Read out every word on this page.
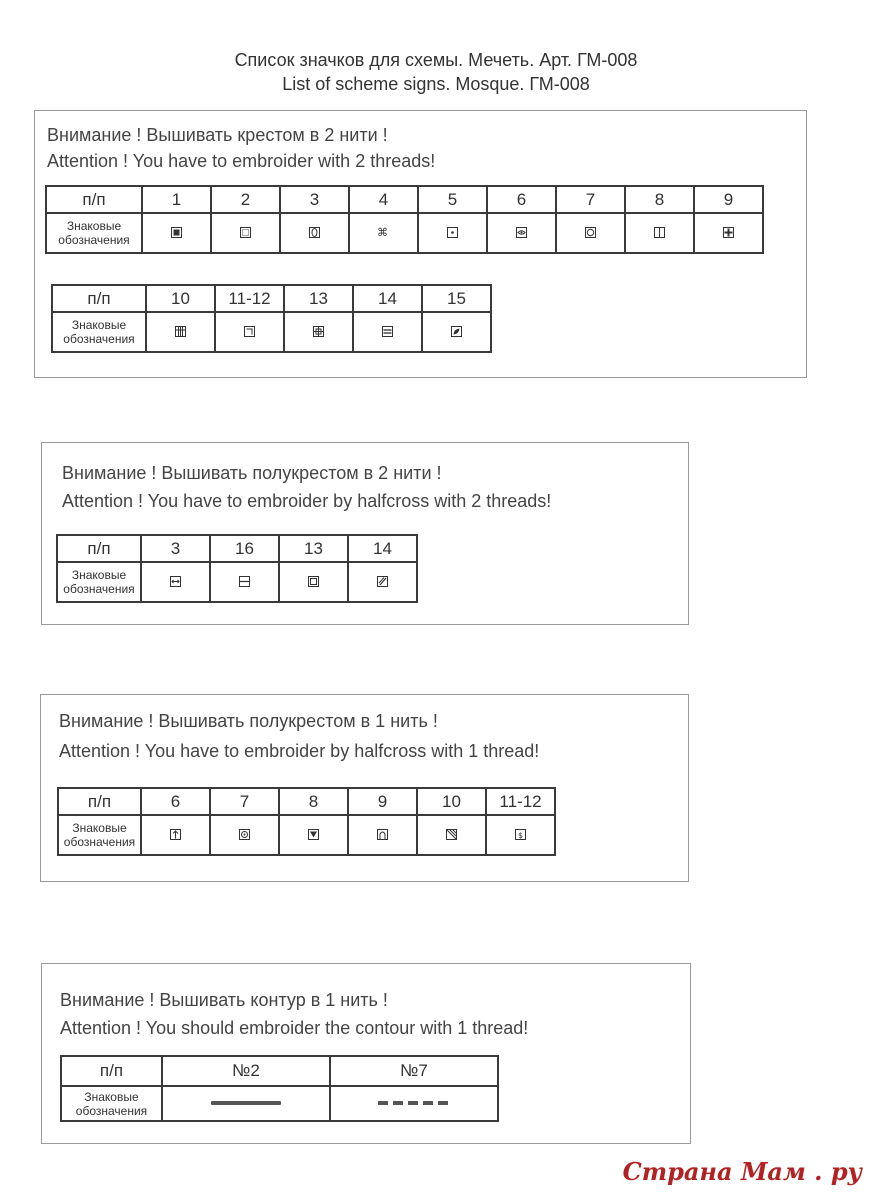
Список значков для схемы. Мечеть. Арт. ГМ-008
List of scheme signs. Mosque. ГМ-008
Внимание ! Вышивать крестом в 2 нити !
Attention ! You have to embroider with 2 threads!
п/п	1	2	3	4	5	6	7	8	9
Знаковые
обозначения				⌘

п/п	10	11-12	13	14	15
Знаковые
обозначения	

Внимание ! Вышивать полукрестом в 2 нити !
Attention ! You have to embroider by halfcross with 2 threads!
п/п	3	16	13	14
Знаковые
обозначения	

Внимание ! Вышивать полукрестом в 1 нить !
Attention ! You have to embroider by halfcross with 1 thread!
п/п	6	7	8	9	10	11-12
Знаковые
обозначения						$
Внимание ! Вышивать контур в 1 нить !
Attention ! You should embroider the contour with 1 thread!
п/п	№2	№7
Знаковые
обозначения		
Страна Мам . ру
